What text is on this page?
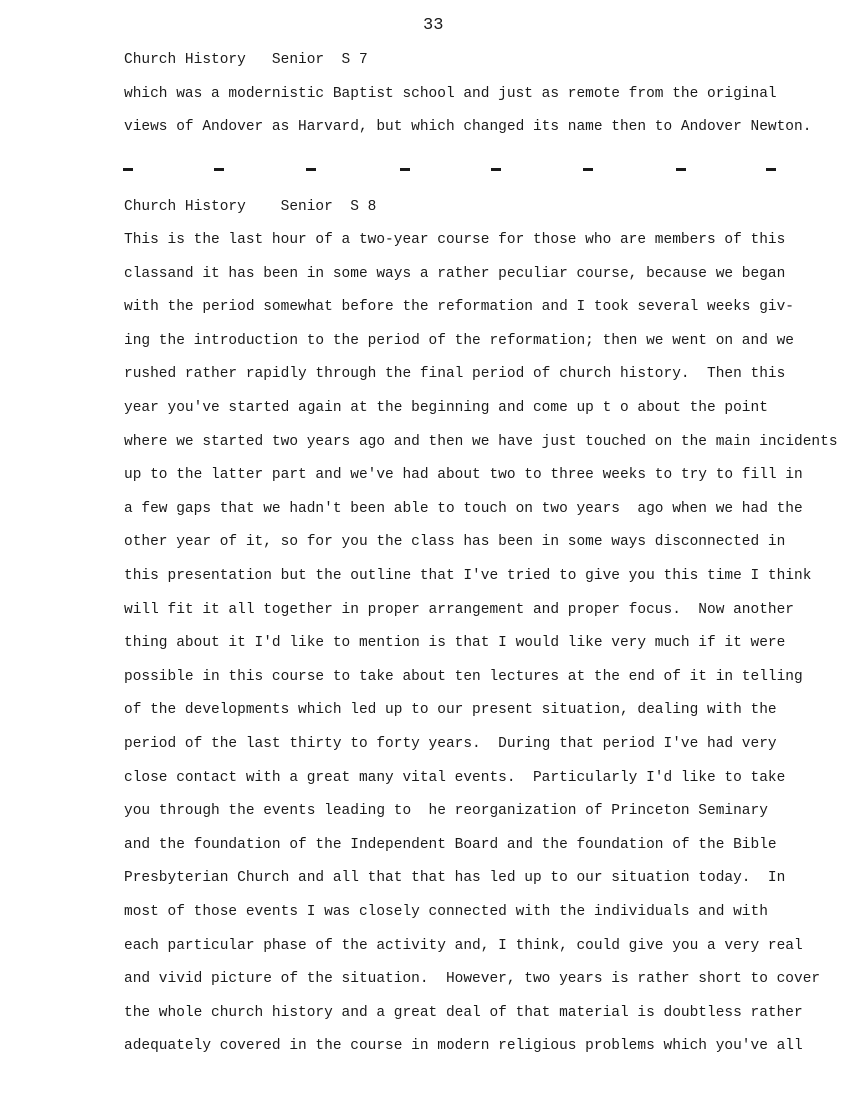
33
Church History   Senior  S 7
which was a modernistic Baptist school and just as remote from the original
views of Andover as Harvard, but which changed its name then to Andover Newton.
Church History    Senior  S 8
This is the last hour of a two-year course for those who are members of this
classand it has been in some ways a rather peculiar course, because we began
with the period somewhat before the reformation and I took several weeks giv-
ing the introduction to the period of the reformation; then we went on and we
rushed rather rapidly through the final period of church history.  Then this
year you've started again at the beginning and come up t o about the point
where we started two years ago and then we have just touched on the main incidents
up to the latter part and we've had about two to three weeks to try to fill in
a few gaps that we hadn't been able to touch on two years  ago when we had the
other year of it, so for you the class has been in some ways disconnected in
this presentation but the outline that I've tried to give you this time I think
will fit it all together in proper arrangement and proper focus.  Now another
thing about it I'd like to mention is that I would like very much if it were
possible in this course to take about ten lectures at the end of it in telling
of the developments which led up to our present situation, dealing with the
period of the last thirty to forty years.  During that period I've had very
close contact with a great many vital events.  Particularly I'd like to take
you through the events leading to  he reorganization of Princeton Seminary
and the foundation of the Independent Board and the foundation of the Bible
Presbyterian Church and all that that has led up to our situation today.  In
most of those events I was closely connected with the individuals and with
each particular phase of the activity and, I think, could give you a very real
and vivid picture of the situation.  However, two years is rather short to cover
the whole church history and a great deal of that material is doubtless rather
adequately covered in the course in modern religious problems which you've all
